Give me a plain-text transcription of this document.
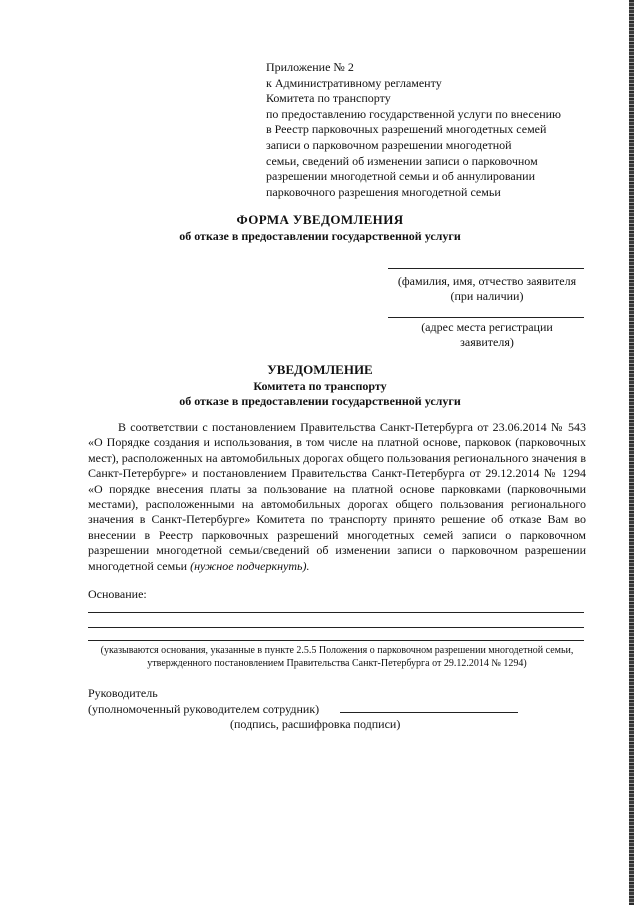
Приложение № 2
к Административному регламенту
Комитета по транспорту
по предоставлению государственной услуги по внесению
в Реестр парковочных разрешений многодетных семей
записи о парковочном разрешении многодетной
семьи, сведений об изменении записи о парковочном
разрешении многодетной семьи и об аннулировании
парковочного разрешения многодетной семьи
ФОРМА УВЕДОМЛЕНИЯ
об отказе в предоставлении государственной услуги
(фамилия, имя, отчество заявителя
(при наличии)
(адрес места регистрации
заявителя)
УВЕДОМЛЕНИЕ
Комитета по транспорту
об отказе в предоставлении государственной услуги

В соответствии с постановлением Правительства Санкт-Петербурга от 23.06.2014 № 543 «О Порядке создания и использования, в том числе на платной основе, парковок (парковочных мест), расположенных на автомобильных дорогах общего пользования регионального значения в Санкт-Петербурге» и постановлением Правительства Санкт-Петербурга от 29.12.2014 № 1294 «О порядке внесения платы за пользование на платной основе парковками (парковочными местами), расположенными на автомобильных дорогах общего пользования регионального значения в Санкт-Петербурге» Комитета по транспорту принято решение об отказе Вам во внесении в Реестр парковочных разрешений многодетных семей записи о парковочном разрешении многодетной семьи/сведений об изменении записи о парковочном разрешении многодетной семьи (нужное подчеркнуть).

Основание:
(указываются основания, указанные в пункте 2.5.5 Положения о парковочном разрешении многодетной семьи, утвержденного постановлением Правительства Санкт-Петербурга от 29.12.2014 № 1294)
Руководитель
(уполномоченный руководителем сотрудник)
(подпись, расшифровка подписи)
